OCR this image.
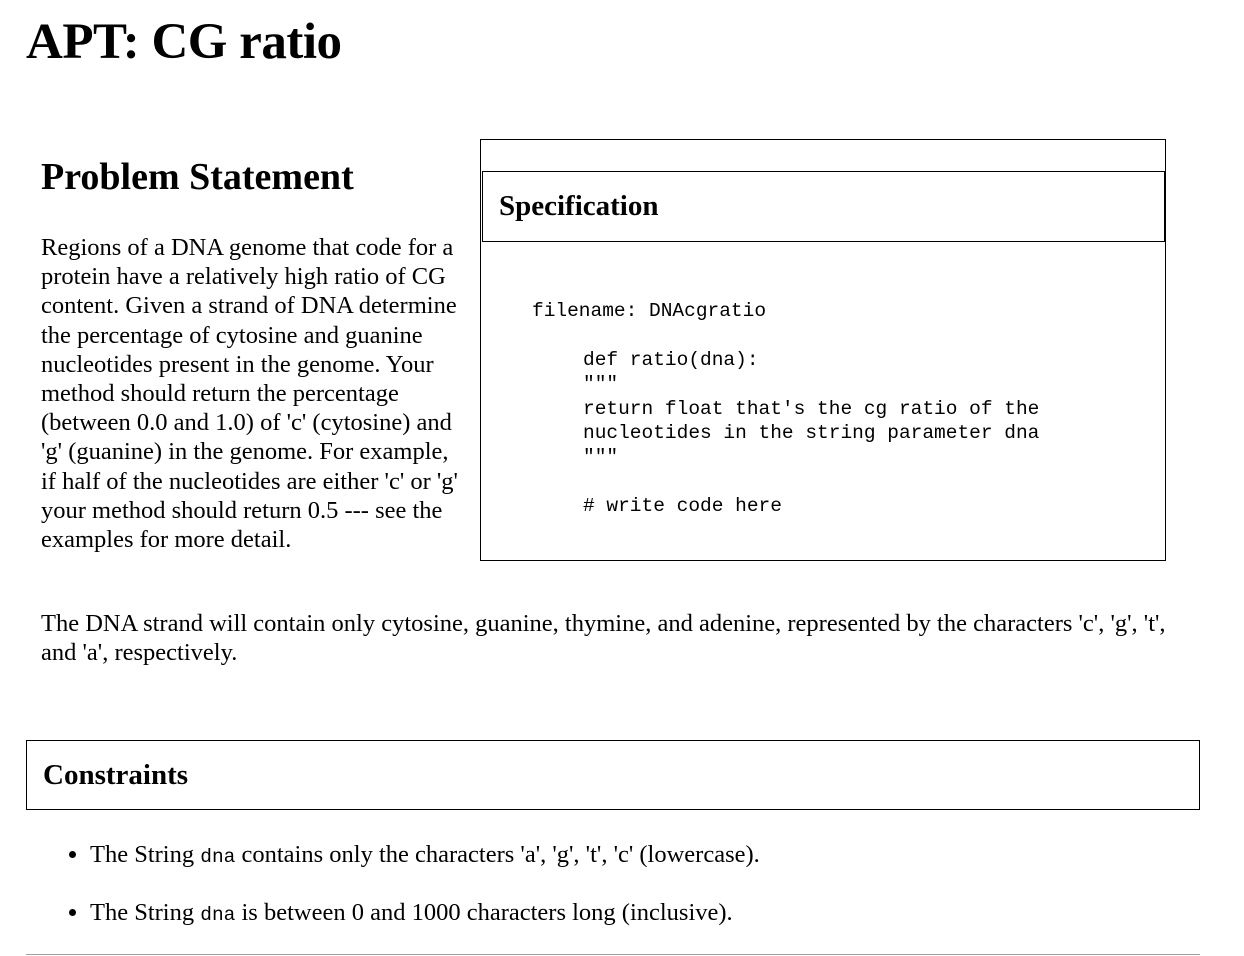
APT: CG ratio
Problem Statement

Regions of a DNA genome that code for a protein have a relatively high ratio of CG content. Given a strand of DNA determine the percentage of cytosine and guanine nucleotides present in the genome. Your method should return the percentage (between 0.0 and 1.0) of 'c' (cytosine) and 'g' (guanine) in the genome. For example, if half of the nucleotides are either 'c' or 'g' your method should return 0.5 --- see the examples for more detail.

Specification
filename: DNAcgratio
def ratio(dna):
"""
return float that's the cg ratio of the
nucleotides in the string parameter dna
"""
# write code here

The DNA strand will contain only cytosine, guanine, thymine, and adenine, represented by the characters 'c', 'g', 't', and 'a', respectively.

Constraints
• The String dna contains only the characters 'a', 'g', 't', 'c' (lowercase).
• The String dna is between 0 and 1000 characters long (inclusive).
